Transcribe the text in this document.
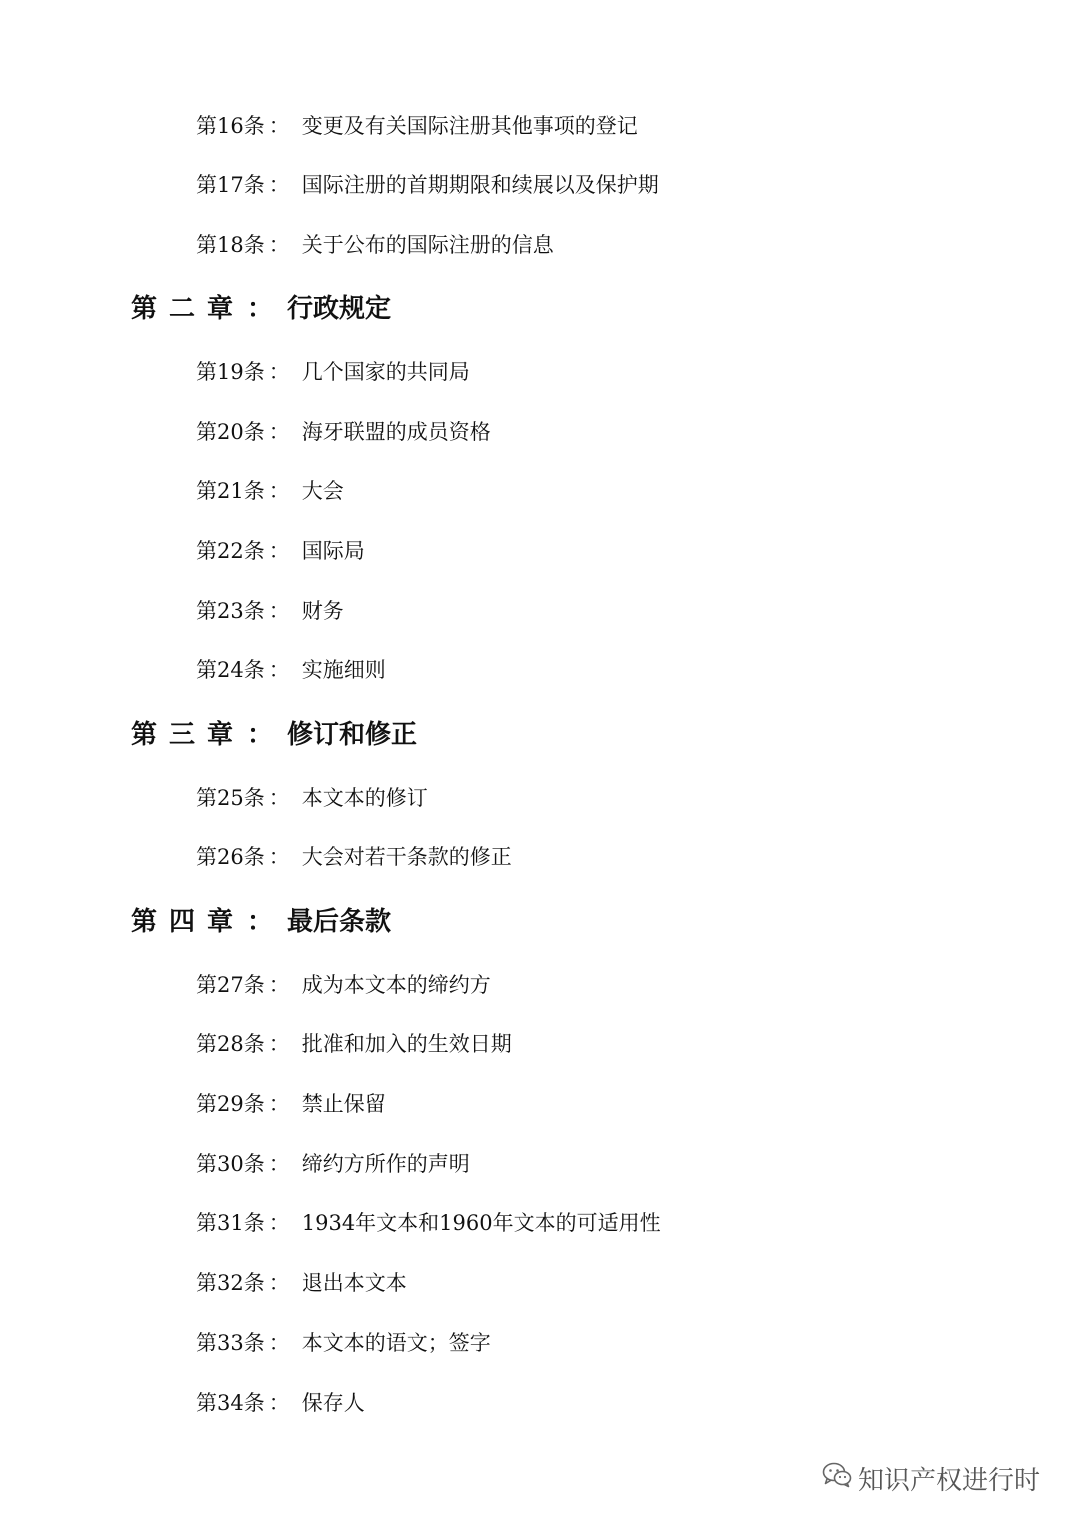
第16条 ： 变更及有关国际注册其他事项的登记
第17条 ： 国际注册的首期期限和续展以及保护期
第18条 ： 关于公布的国际注册的信息
第二章： 行政规定
第19条 ： 几个国家的共同局
第20条 ： 海牙联盟的成员资格
第21条 ： 大会
第22条 ： 国际局
第23条 ： 财务
第24条 ： 实施细则
第三章： 修订和修正
第25条 ： 本文本的修订
第26条 ： 大会对若干条款的修正
第四章： 最后条款
第27条 ： 成为本文本的缔约方
第28条 ： 批准和加入的生效日期
第29条 ： 禁止保留
第30条 ： 缔约方所作的声明
第31条 ： 1934年文本和1960年文本的可适用性
第32条 ： 退出本文本
第33条 ： 本文本的语文；签字
第34条 ： 保存人
知识产权进行时
